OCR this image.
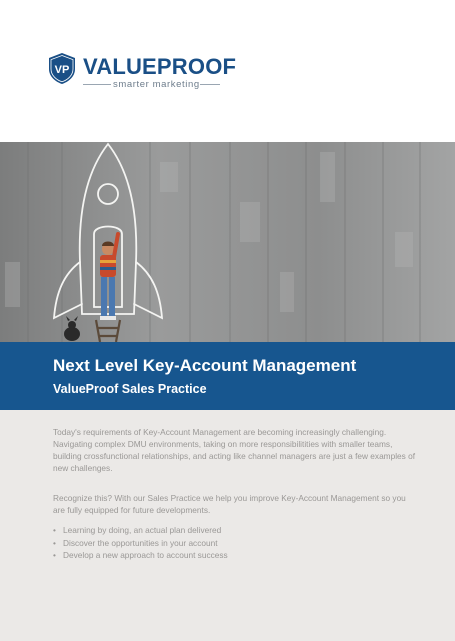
VP VALUEPROOF
smarter marketing
Next Level Key-Account Management
ValueProof Sales Practice

Today's requirements of Key-Account Management are becoming increasingly challenging. Navigating complex DMU environments, taking on more responsibilitities with smaller teams, building crossfunctional relationships, and acting like channel managers are just a few examples of new challenges.

Recognize this? With our Sales Practice we help you improve Key-Account Management so you are fully equipped for future developments.

• Learning by doing, an actual plan delivered
• Discover the opportunities in your account
• Develop a new approach to account success
